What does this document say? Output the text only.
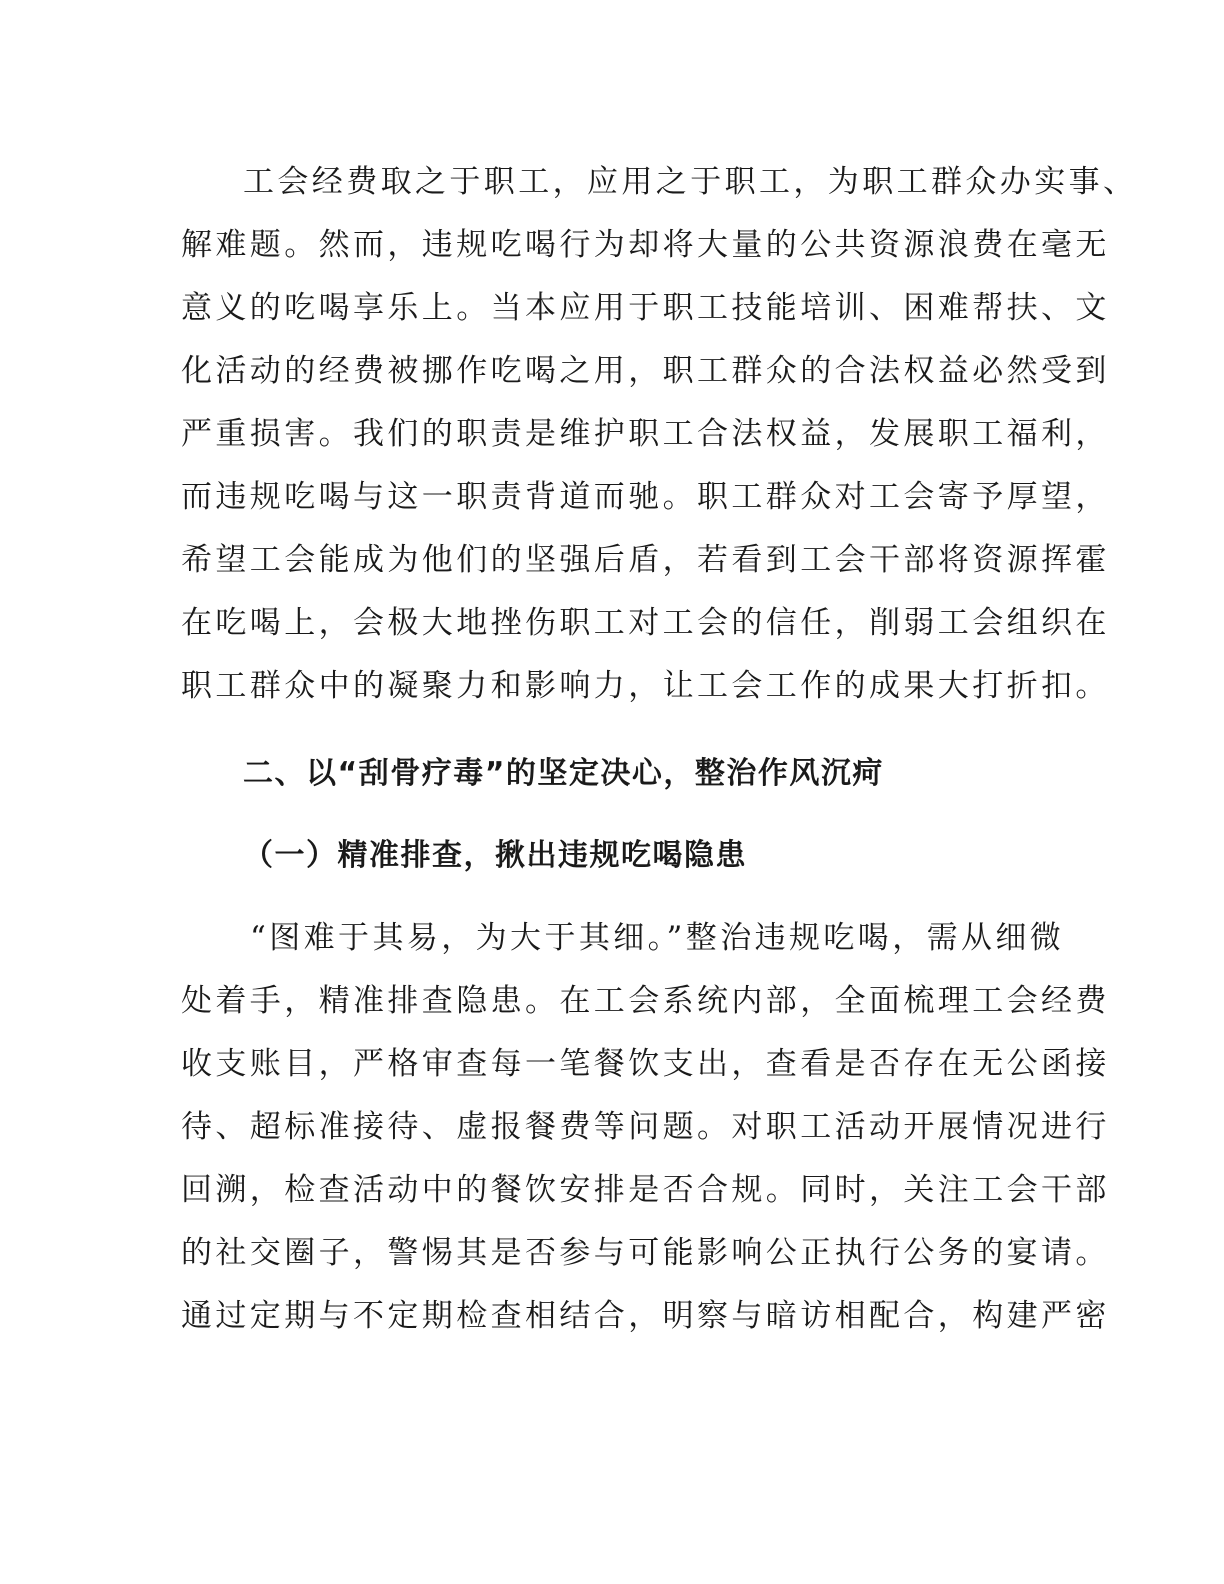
工会经费取之于职工，应用之于职工，为职工群众办实事、
解难题。然而，违规吃喝行为却将大量的公共资源浪费在毫无
意义的吃喝享乐上。当本应用于职工技能培训、困难帮扶、文
化活动的经费被挪作吃喝之用，职工群众的合法权益必然受到
严重损害。我们的职责是维护职工合法权益，发展职工福利，
而违规吃喝与这一职责背道而驰。职工群众对工会寄予厚望，
希望工会能成为他们的坚强后盾，若看到工会干部将资源挥霍
在吃喝上，会极大地挫伤职工对工会的信任，削弱工会组织在
职工群众中的凝聚力和影响力，让工会工作的成果大打折扣。
二、以“刮骨疗毒”的坚定决心，整治作风沉疴
（一）精准排查，揪出违规吃喝隐患
“图难于其易，为大于其细。”整治违规吃喝，需从细微
处着手，精准排查隐患。在工会系统内部，全面梳理工会经费
收支账目，严格审查每一笔餐饮支出，查看是否存在无公函接
待、超标准接待、虚报餐费等问题。对职工活动开展情况进行
回溯，检查活动中的餐饮安排是否合规。同时，关注工会干部
的社交圈子，警惕其是否参与可能影响公正执行公务的宴请。
通过定期与不定期检查相结合，明察与暗访相配合，构建严密
